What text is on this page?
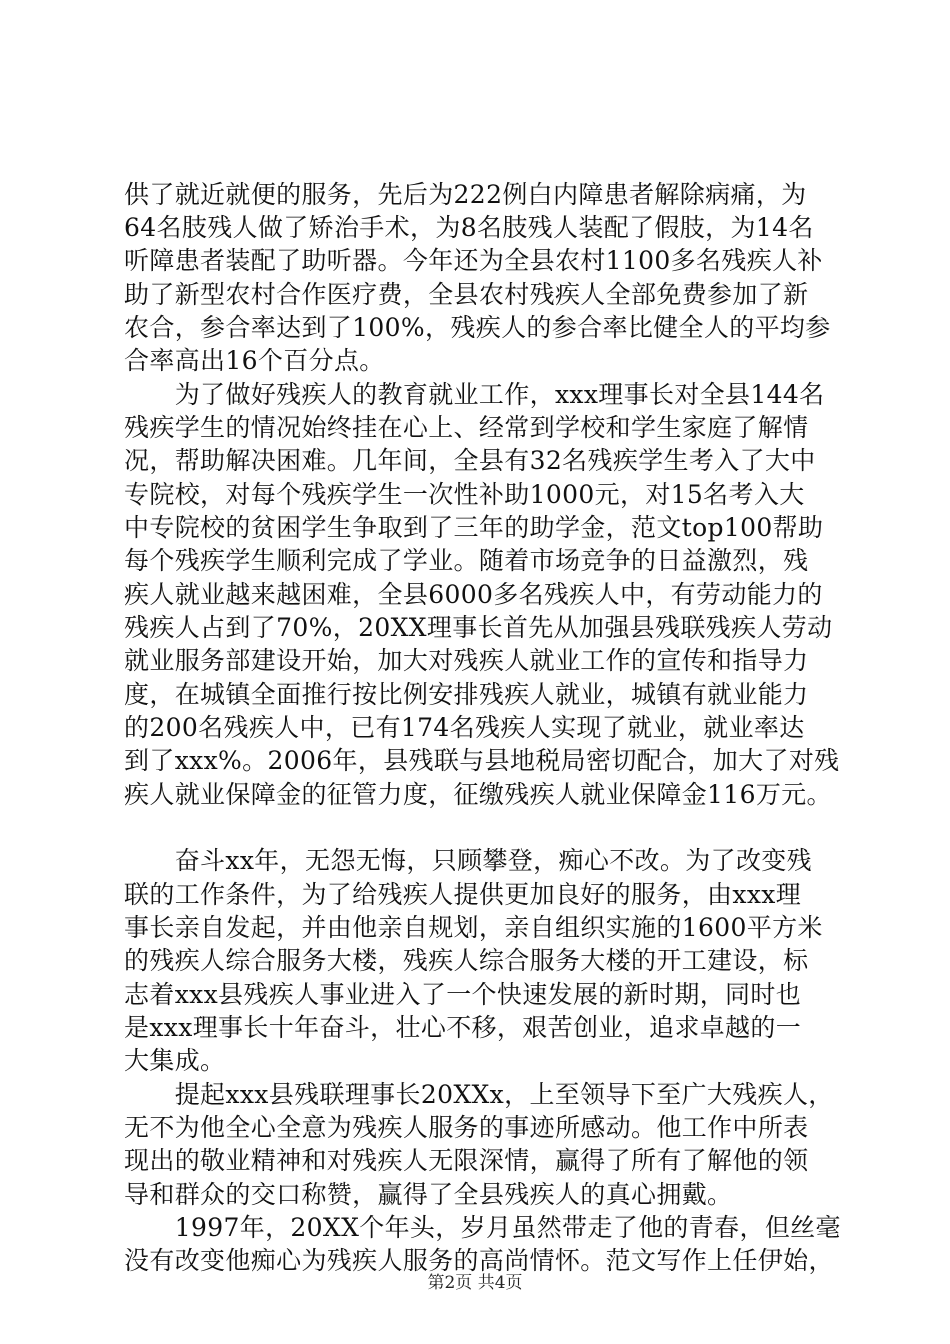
供了就近就便的服务，先后为222例白内障患者解除病痛，为
64名肢残人做了矫治手术，为8名肢残人装配了假肢，为14名
听障患者装配了助听器。今年还为全县农村1100多名残疾人补
助了新型农村合作医疗费，全县农村残疾人全部免费参加了新
农合，参合率达到了100%，残疾人的参合率比健全人的平均参
合率高出16个百分点。
　　为了做好残疾人的教育就业工作，xxx理事长对全县144名
残疾学生的情况始终挂在心上、经常到学校和学生家庭了解情
况，帮助解决困难。几年间，全县有32名残疾学生考入了大中
专院校，对每个残疾学生一次性补助1000元，对15名考入大
中专院校的贫困学生争取到了三年的助学金，范文top100帮助
每个残疾学生顺利完成了学业。随着市场竞争的日益激烈，残
疾人就业越来越困难，全县6000多名残疾人中，有劳动能力的
残疾人占到了70%，20XX理事长首先从加强县残联残疾人劳动
就业服务部建设开始，加大对残疾人就业工作的宣传和指导力
度，在城镇全面推行按比例安排残疾人就业，城镇有就业能力
的200名残疾人中，已有174名残疾人实现了就业，就业率达
到了xxx%。2006年，县残联与县地税局密切配合，加大了对残
疾人就业保障金的征管力度，征缴残疾人就业保障金116万元。
　　奋斗xx年，无怨无悔，只顾攀登，痴心不改。为了改变残
联的工作条件，为了给残疾人提供更加良好的服务，由xxx理
事长亲自发起，并由他亲自规划，亲自组织实施的1600平方米
的残疾人综合服务大楼，残疾人综合服务大楼的开工建设，标
志着xxx县残疾人事业进入了一个快速发展的新时期，同时也
是xxx理事长十年奋斗，壮心不移，艰苦创业，追求卓越的一
大集成。
　　提起xxx县残联理事长20XXx，上至领导下至广大残疾人，
无不为他全心全意为残疾人服务的事迹所感动。他工作中所表
现出的敬业精神和对残疾人无限深情，赢得了所有了解他的领
导和群众的交口称赞，赢得了全县残疾人的真心拥戴。
　　1997年，20XX个年头，岁月虽然带走了他的青春，但丝毫
没有改变他痴心为残疾人服务的高尚情怀。范文写作上任伊始，
第2页 共4页
